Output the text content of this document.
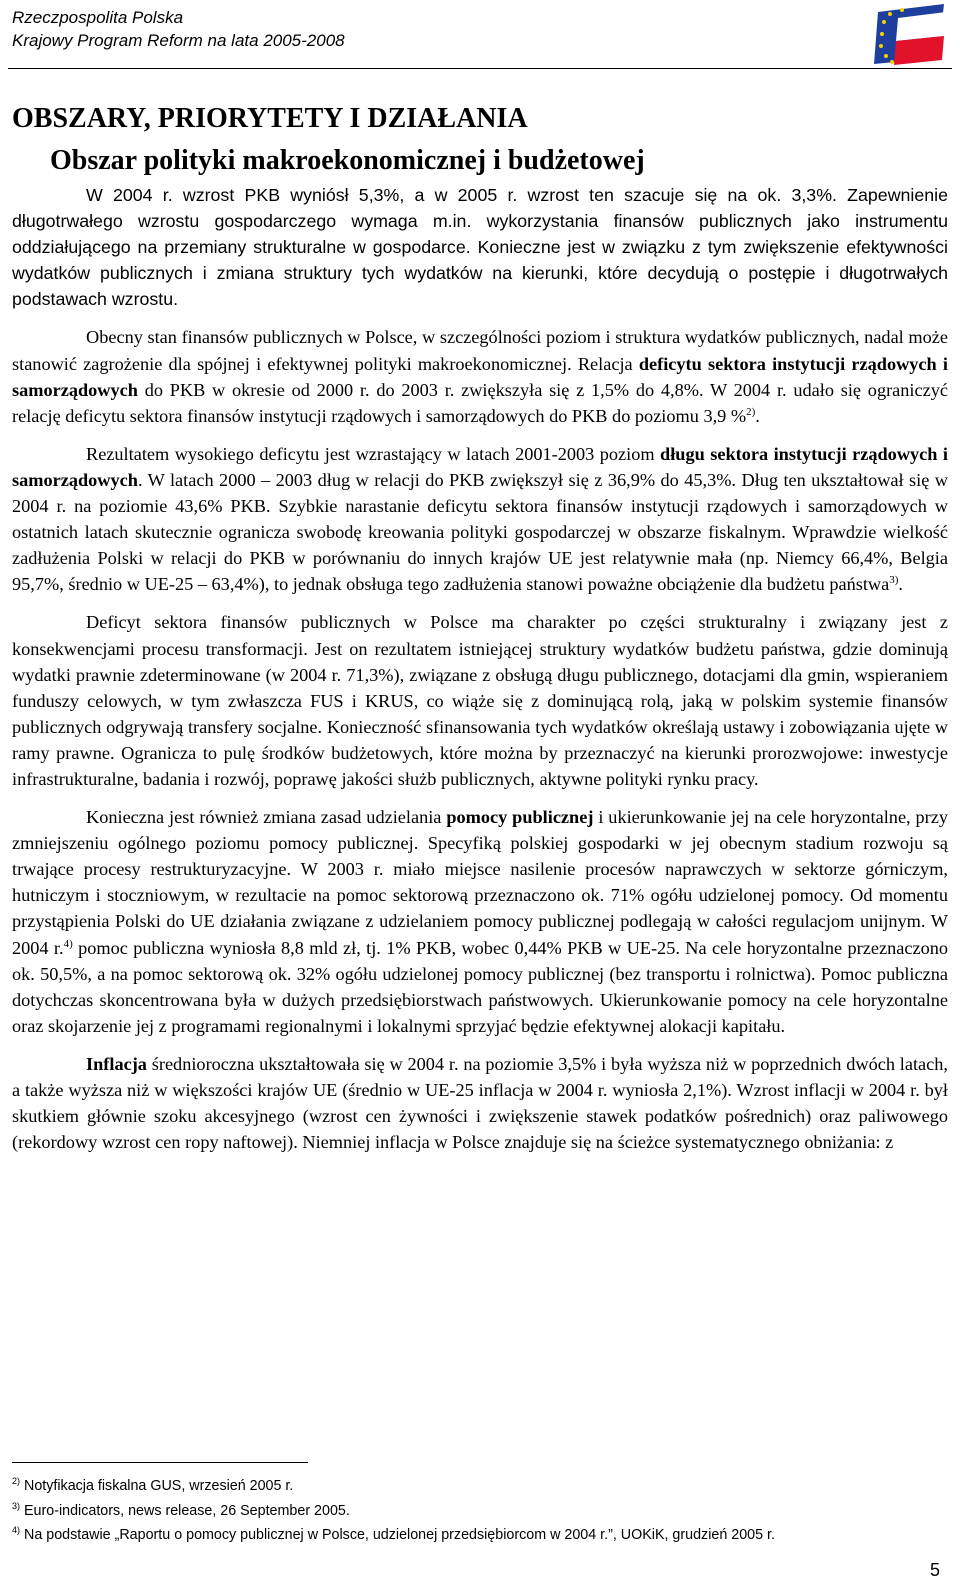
Rzeczpospolita Polska
Krajowy Program Reform na lata 2005-2008
OBSZARY, PRIORYTETY I DZIAŁANIA
Obszar polityki makroekonomicznej i budżetowej

W 2004 r. wzrost PKB wyniósł 5,3%, a w 2005 r. wzrost ten szacuje się na ok. 3,3%. Zapewnienie długotrwałego wzrostu gospodarczego wymaga m.in. wykorzystania finansów publicznych jako instrumentu oddziałującego na przemiany strukturalne w gospodarce. Konieczne jest w związku z tym zwiększenie efektywności wydatków publicznych i zmiana struktury tych wydatków na kierunki, które decydują o postępie i długotrwałych podstawach wzrostu.

Obecny stan finansów publicznych w Polsce, w szczególności poziom i struktura wydatków publicznych, nadal może stanowić zagrożenie dla spójnej i efektywnej polityki makroekonomicznej. Relacja deficytu sektora instytucji rządowych i samorządowych do PKB w okresie od 2000 r. do 2003 r. zwiększyła się z 1,5% do 4,8%. W 2004 r. udało się ograniczyć relację deficytu sektora finansów instytucji rządowych i samorządowych do PKB do poziomu 3,9 %$^{2)}$.

Rezultatem wysokiego deficytu jest wzrastający w latach 2001-2003 poziom długu sektora instytucji rządowych i samorządowych. W latach 2000 – 2003 dług w relacji do PKB zwiększył się z 36,9% do 45,3%. Dług ten ukształtował się w 2004 r. na poziomie 43,6% PKB. Szybkie narastanie deficytu sektora finansów instytucji rządowych i samorządowych w ostatnich latach skutecznie ogranicza swobodę kreowania polityki gospodarczej w obszarze fiskalnym. Wprawdzie wielkość zadłużenia Polski w relacji do PKB w porównaniu do innych krajów UE jest relatywnie mała (np. Niemcy 66,4%, Belgia 95,7%, średnio w UE-25 – 63,4%), to jednak obsługa tego zadłużenia stanowi poważne obciążenie dla budżetu państwa$^{3)}$.

Deficyt sektora finansów publicznych w Polsce ma charakter po części strukturalny i związany jest z konsekwencjami procesu transformacji. Jest on rezultatem istniejącej struktury wydatków budżetu państwa, gdzie dominują wydatki prawnie zdeterminowane (w 2004 r. 71,3%), związane z obsługą długu publicznego, dotacjami dla gmin, wspieraniem funduszy celowych, w tym zwłaszcza FUS i KRUS, co wiąże się z dominującą rolą, jaką w polskim systemie finansów publicznych odgrywają transfery socjalne. Konieczność sfinansowania tych wydatków określają ustawy i zobowiązania ujęte w ramy prawne. Ogranicza to pulę środków budżetowych, które można by przeznaczyć na kierunki prorozwojowe: inwestycje infrastrukturalne, badania i rozwój, poprawę jakości służb publicznych, aktywne polityki rynku pracy.

Konieczna jest również zmiana zasad udzielania pomocy publicznej i ukierunkowanie jej na cele horyzontalne, przy zmniejszeniu ogólnego poziomu pomocy publicznej. Specyfiką polskiej gospodarki w jej obecnym stadium rozwoju są trwające procesy restrukturyzacyjne. W 2003 r. miało miejsce nasilenie procesów naprawczych w sektorze górniczym, hutniczym i stoczniowym, w rezultacie na pomoc sektorową przeznaczono ok. 71% ogółu udzielonej pomocy. Od momentu przystąpienia Polski do UE działania związane z udzielaniem pomocy publicznej podlegają w całości regulacjom unijnym. W 2004 r.$^{4)}$ pomoc publiczna wyniosła 8,8 mld zł, tj. 1% PKB, wobec 0,44% PKB w UE-25. Na cele horyzontalne przeznaczono ok. 50,5%, a na pomoc sektorową ok. 32% ogółu udzielonej pomocy publicznej (bez transportu i rolnictwa). Pomoc publiczna dotychczas skoncentrowana była w dużych przedsiębiorstwach państwowych. Ukierunkowanie pomocy na cele horyzontalne oraz skojarzenie jej z programami regionalnymi i lokalnymi sprzyjać będzie efektywnej alokacji kapitału.

Inflacja średnioroczna ukształtowała się w 2004 r. na poziomie 3,5% i była wyższa niż w poprzednich dwóch latach, a także wyższa niż w większości krajów UE (średnio w UE-25 inflacja w 2004 r. wyniosła 2,1%). Wzrost inflacji w 2004 r. był skutkiem głównie szoku akcesyjnego (wzrost cen żywności i zwiększenie stawek podatków pośrednich) oraz paliwowego (rekordowy wzrost cen ropy naftowej). Niemniej inflacja w Polsce znajduje się na ścieżce systematycznego obniżania: z

$^{2)}$ Notyfikacja fiskalna GUS, wrzesień 2005 r.
$^{3)}$ Euro-indicators, news release, 26 September 2005.
$^{4)}$ Na podstawie „Raportu o pomocy publicznej w Polsce, udzielonej przedsiębiorcom w 2004 r.”, UOKiK, grudzień 2005 r.
5
